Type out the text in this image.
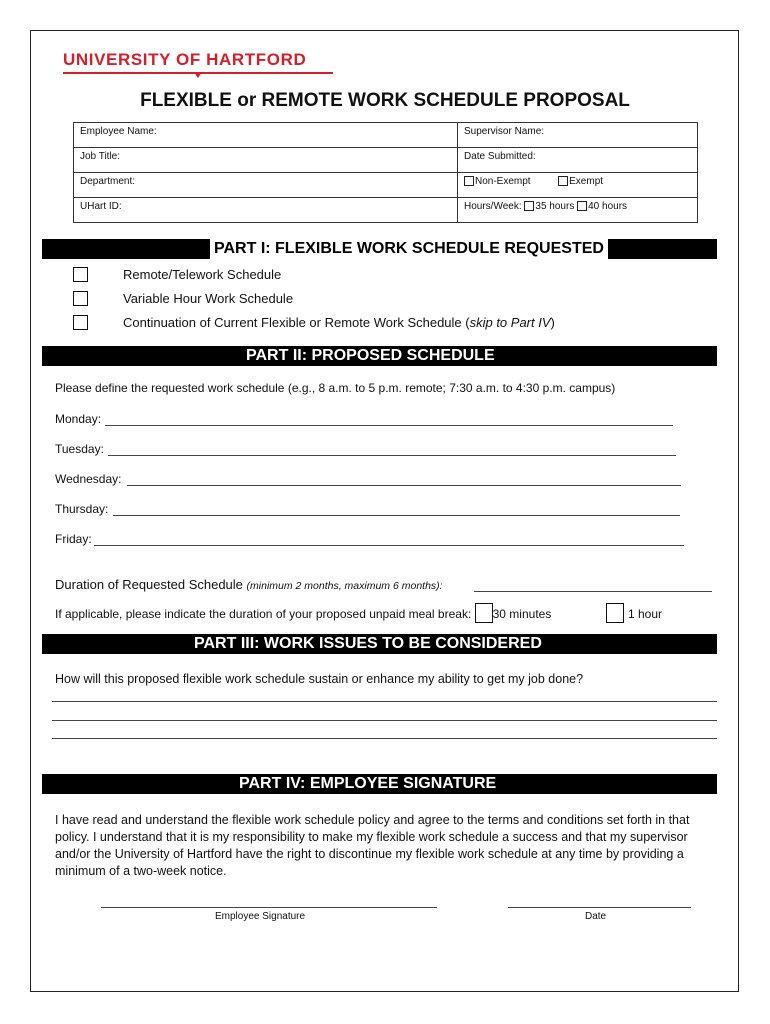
UNIVERSITY OF HARTFORD
FLEXIBLE or REMOTE WORK SCHEDULE PROPOSAL
Employee Name:	Supervisor Name:
Job Title:	Date Submitted:
Department:	Non-Exempt Exempt
UHart ID:	Hours/Week: 35 hours 40 hours
PART I: FLEXIBLE WORK SCHEDULE REQUESTED
Remote/Telework Schedule
Variable Hour Work Schedule
Continuation of Current Flexible or Remote Work Schedule (skip to Part IV)
PART II: PROPOSED SCHEDULE
Please define the requested work schedule (e.g., 8 a.m. to 5 p.m. remote; 7:30 a.m. to 4:30 p.m. campus)
Monday:
Tuesday:
Wednesday:
Thursday:
Friday:
Duration of Requested Schedule (minimum 2 months, maximum 6 months):
If applicable, please indicate the duration of your proposed unpaid meal break: 30 minutes	1 hour
PART III: WORK ISSUES TO BE CONSIDERED
How will this proposed flexible work schedule sustain or enhance my ability to get my job done?
PART IV: EMPLOYEE SIGNATURE
I have read and understand the flexible work schedule policy and agree to the terms and conditions set forth in that policy. I understand that it is my responsibility to make my flexible work schedule a success and that my supervisor and/or the University of Hartford have the right to discontinue my flexible work schedule at any time by providing a minimum of a two-week notice.
Employee Signature	Date
